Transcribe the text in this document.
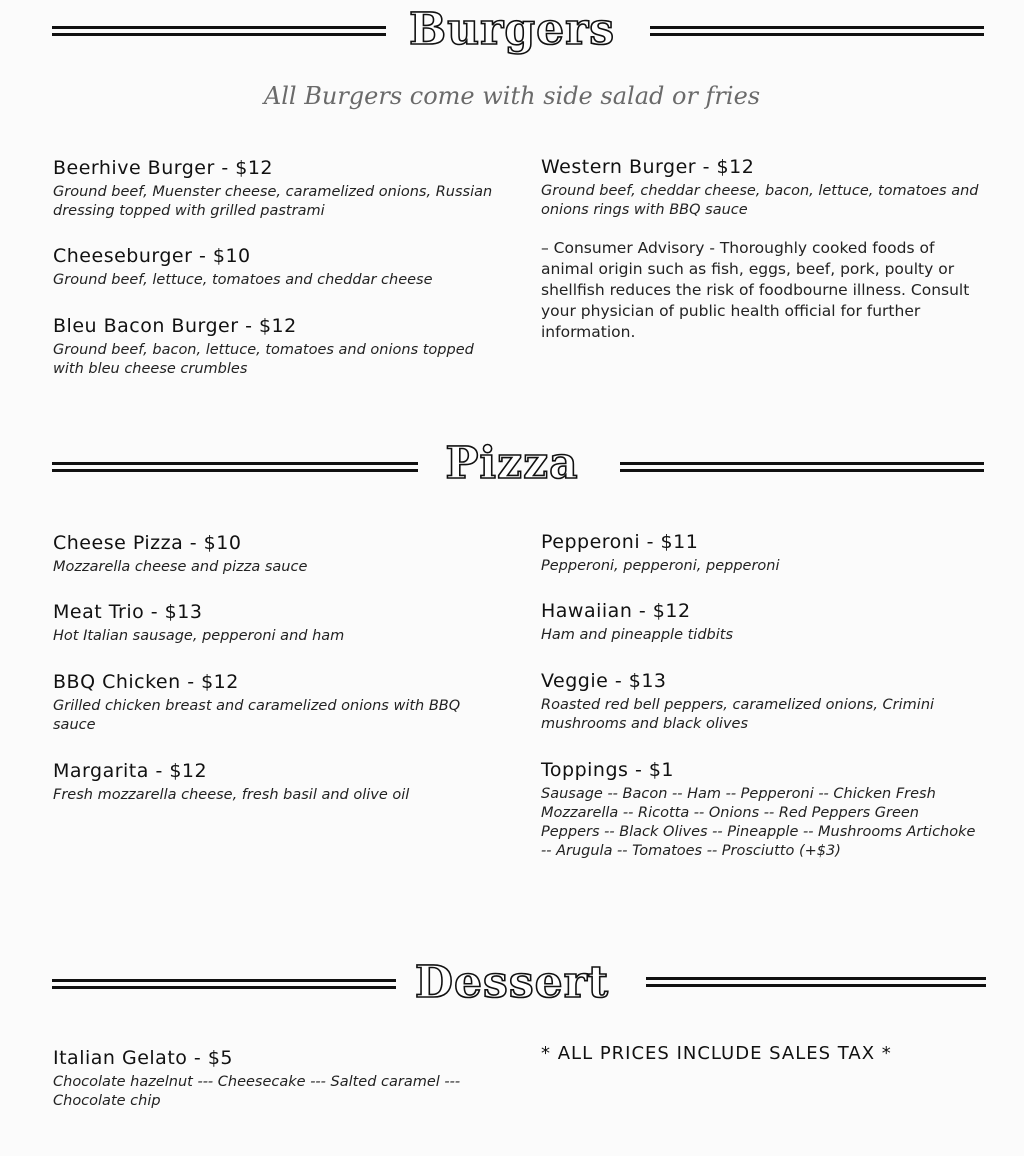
Burgers
All Burgers come with side salad or fries
Beerhive Burger - $12
Ground beef, Muenster cheese, caramelized onions, Russian dressing topped with grilled pastrami
Cheeseburger - $10
Ground beef, lettuce, tomatoes and cheddar cheese
Bleu Bacon Burger - $12
Ground beef, bacon, lettuce, tomatoes and onions topped with bleu cheese crumbles
Western Burger - $12
Ground beef, cheddar cheese, bacon, lettuce, tomatoes and onions rings with BBQ sauce
– Consumer Advisory - Thoroughly cooked foods of animal origin such as fish, eggs, beef, pork, poulty or shellfish reduces the risk of foodbourne illness. Consult your physician of public health official for further information.
Pizza
Cheese Pizza - $10
Mozzarella cheese and pizza sauce
Meat Trio - $13
Hot Italian sausage, pepperoni and ham
BBQ Chicken - $12
Grilled chicken breast and caramelized onions with BBQ sauce
Margarita - $12
Fresh mozzarella cheese, fresh basil and olive oil
Pepperoni - $11
Pepperoni, pepperoni, pepperoni
Hawaiian - $12
Ham and pineapple tidbits
Veggie - $13
Roasted red bell peppers, caramelized onions, Crimini mushrooms and black olives
Toppings - $1
Sausage -- Bacon -- Ham -- Pepperoni -- Chicken Fresh Mozzarella -- Ricotta -- Onions -- Red Peppers Green Peppers -- Black Olives -- Pineapple -- Mushrooms Artichoke -- Arugula -- Tomatoes -- Prosciutto (+$3)
Dessert
Italian Gelato - $5
Chocolate hazelnut --- Cheesecake --- Salted caramel --- Chocolate chip
* ALL PRICES INCLUDE SALES TAX *
